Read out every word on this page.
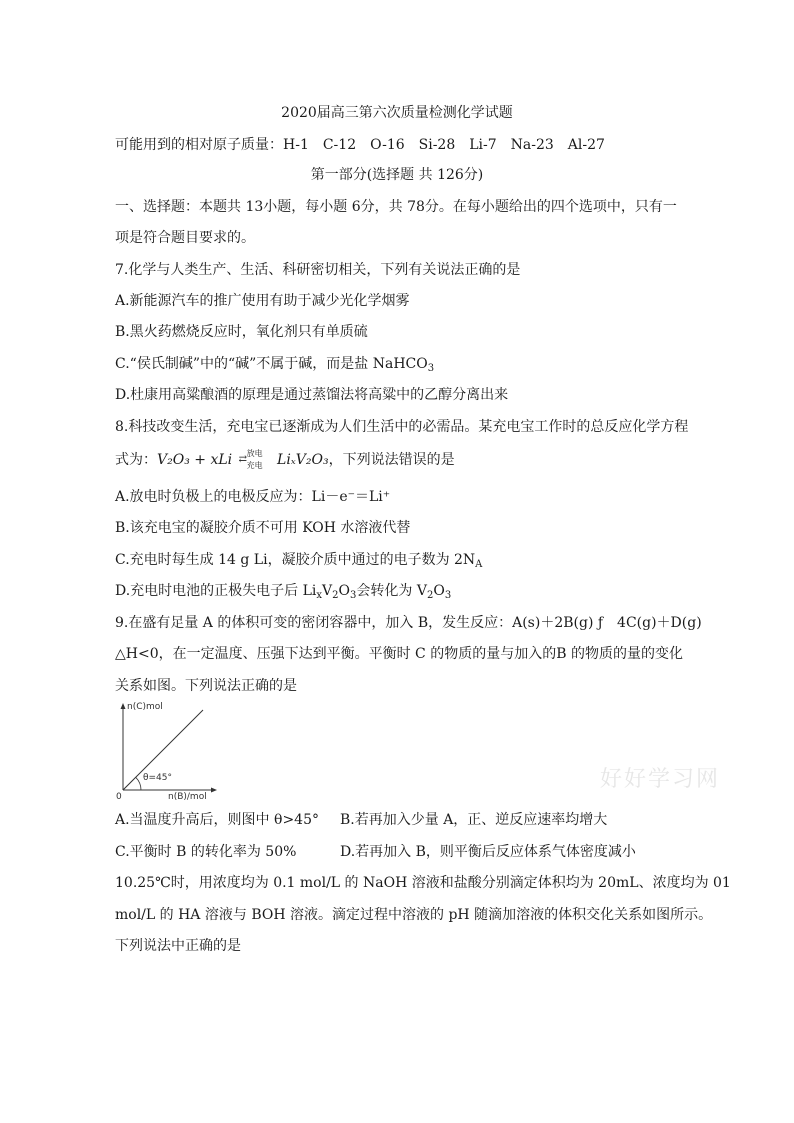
2020届高三第六次质量检测化学试题
可能用到的相对原子质量：H-1　C-12　O-16　Si-28　Li-7　Na-23　Al-27
第一部分(选择题 共 126分)
一、选择题：本题共 13小题，每小题 6分，共 78分。在每小题给出的四个选项中，只有一
项是符合题目要求的。
7.化学与人类生产、生活、科研密切相关，下列有关说法正确的是
A.新能源汽车的推广使用有助于减少光化学烟雾
B.黑火药燃烧反应时，氧化剂只有单质硫
C.“侯氏制碱”中的“碱”不属于碱，而是盐 NaHCO$_3$
D.杜康用高粱酿酒的原理是通过蒸馏法将高粱中的乙醇分离出来
8.科技改变生活，充电宝已逐渐成为人们生活中的必需品。某充电宝工作时的总反应化学方程
式为：V₂O₃ + xLi	放电
⇄
充电	LiₓV₂O₃，下列说法错误的是
A.放电时负极上的电极反应为：Li－e⁻＝Li⁺
B.该充电宝的凝胶介质不可用 KOH 水溶液代替
C.充电时每生成 14 g Li，凝胶介质中通过的电子数为 $2N_A$
D.充电时电池的正极失电子后 $Li_xV_2O_3$会转化为 $V_2O_3$
9.在盛有足量 A 的体积可变的密闭容器中，加入 B，发生反应：A(s)＋2B(g) ƒ　4C(g)＋D(g)
△H<0，在一定温度、压强下达到平衡。平衡时 C 的物质的量与加入的B 的物质的量的变化
关系如图。下列说法正确的是
n(C)mol
n(B)/mol
0
θ=45°	好好学习网
A.当温度升高后，则图中 θ>45° B.若再加入少量 A，正、逆反应速率均增大
C.平衡时 B 的转化率为 50%	D.若再加入 B，则平衡后反应体系气体密度减小
10.25℃时，用浓度均为 0.1 mol/L 的 NaOH 溶液和盐酸分别滴定体积均为 20mL、浓度均为 01
mol/L 的 HA 溶液与 BOH 溶液。滴定过程中溶液的 pH 随滴加溶液的体积交化关系如图所示。
下列说法中正确的是
